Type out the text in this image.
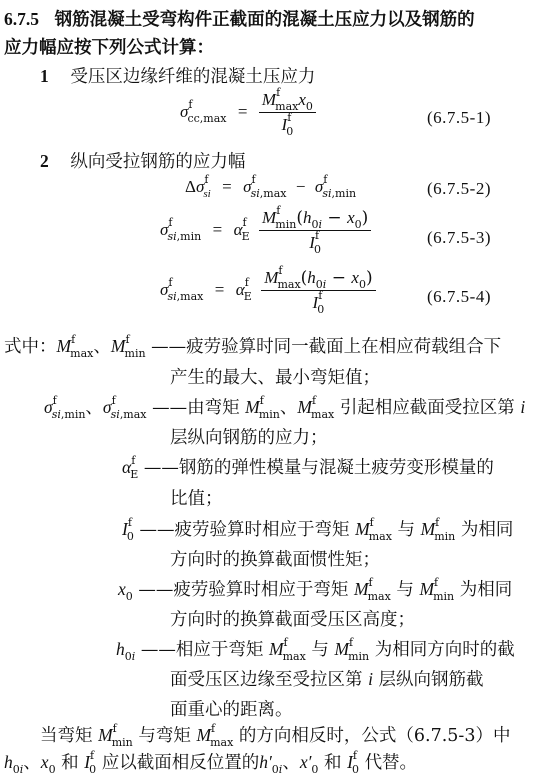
6.7.5 钢筋混凝土受弯构件正截面的混凝土压应力以及钢筋的
应力幅应按下列公式计算：
1 受压区边缘纤维的混凝土压应力
$\sigma^f_{cc,max} = \frac{M^f_{max}x_0}{I^f_0}$	(6.7.5-1)
2 纵向受拉钢筋的应力幅
$\Delta\sigma^f_{si} = \sigma^f_{si,max} - \sigma^f_{si,min}$	(6.7.5-2)
$\sigma^f_{si,min} = \alpha^f_E \frac{M^f_{min}(h_{0i} - x_0)}{I^f_0}$	(6.7.5-3)
$\sigma^f_{si,max} = \alpha^f_E \frac{M^f_{max}(h_{0i} - x_0)}{I^f_0}$	(6.7.5-4)
式中：$M^f_{max}$、$M^f_{min}$ ——疲劳验算时同一截面上在相应荷载组合下
产生的最大、最小弯矩值；
$\sigma^f_{si,min}$、$\sigma^f_{si,max}$ ——由弯矩 $M^f_{min}$、$M^f_{max}$ 引起相应截面受拉区第 i
层纵向钢筋的应力；
$\alpha^f_E$ ——钢筋的弹性模量与混凝土疲劳变形模量的
比值；
$I^f_0$ ——疲劳验算时相应于弯矩 $M^f_{max}$ 与 $M^f_{min}$ 为相同
方向时的换算截面惯性矩；
$x_0$ ——疲劳验算时相应于弯矩 $M^f_{max}$ 与 $M^f_{min}$ 为相同
方向时的换算截面受压区高度；
$h_{0i}$ ——相应于弯矩 $M^f_{max}$ 与 $M^f_{min}$ 为相同方向时的截
面受压区边缘至受拉区第 i 层纵向钢筋截
面重心的距离。
当弯矩 $M^f_{min}$ 与弯矩 $M^f_{max}$ 的方向相反时，公式（6.7.5-3）中
$h_{0i}$、$x_0$ 和 $I^f_0$ 应以截面相反位置的$h'_{0i}$、$x'_0$ 和 $I^f_0$ 代替。
